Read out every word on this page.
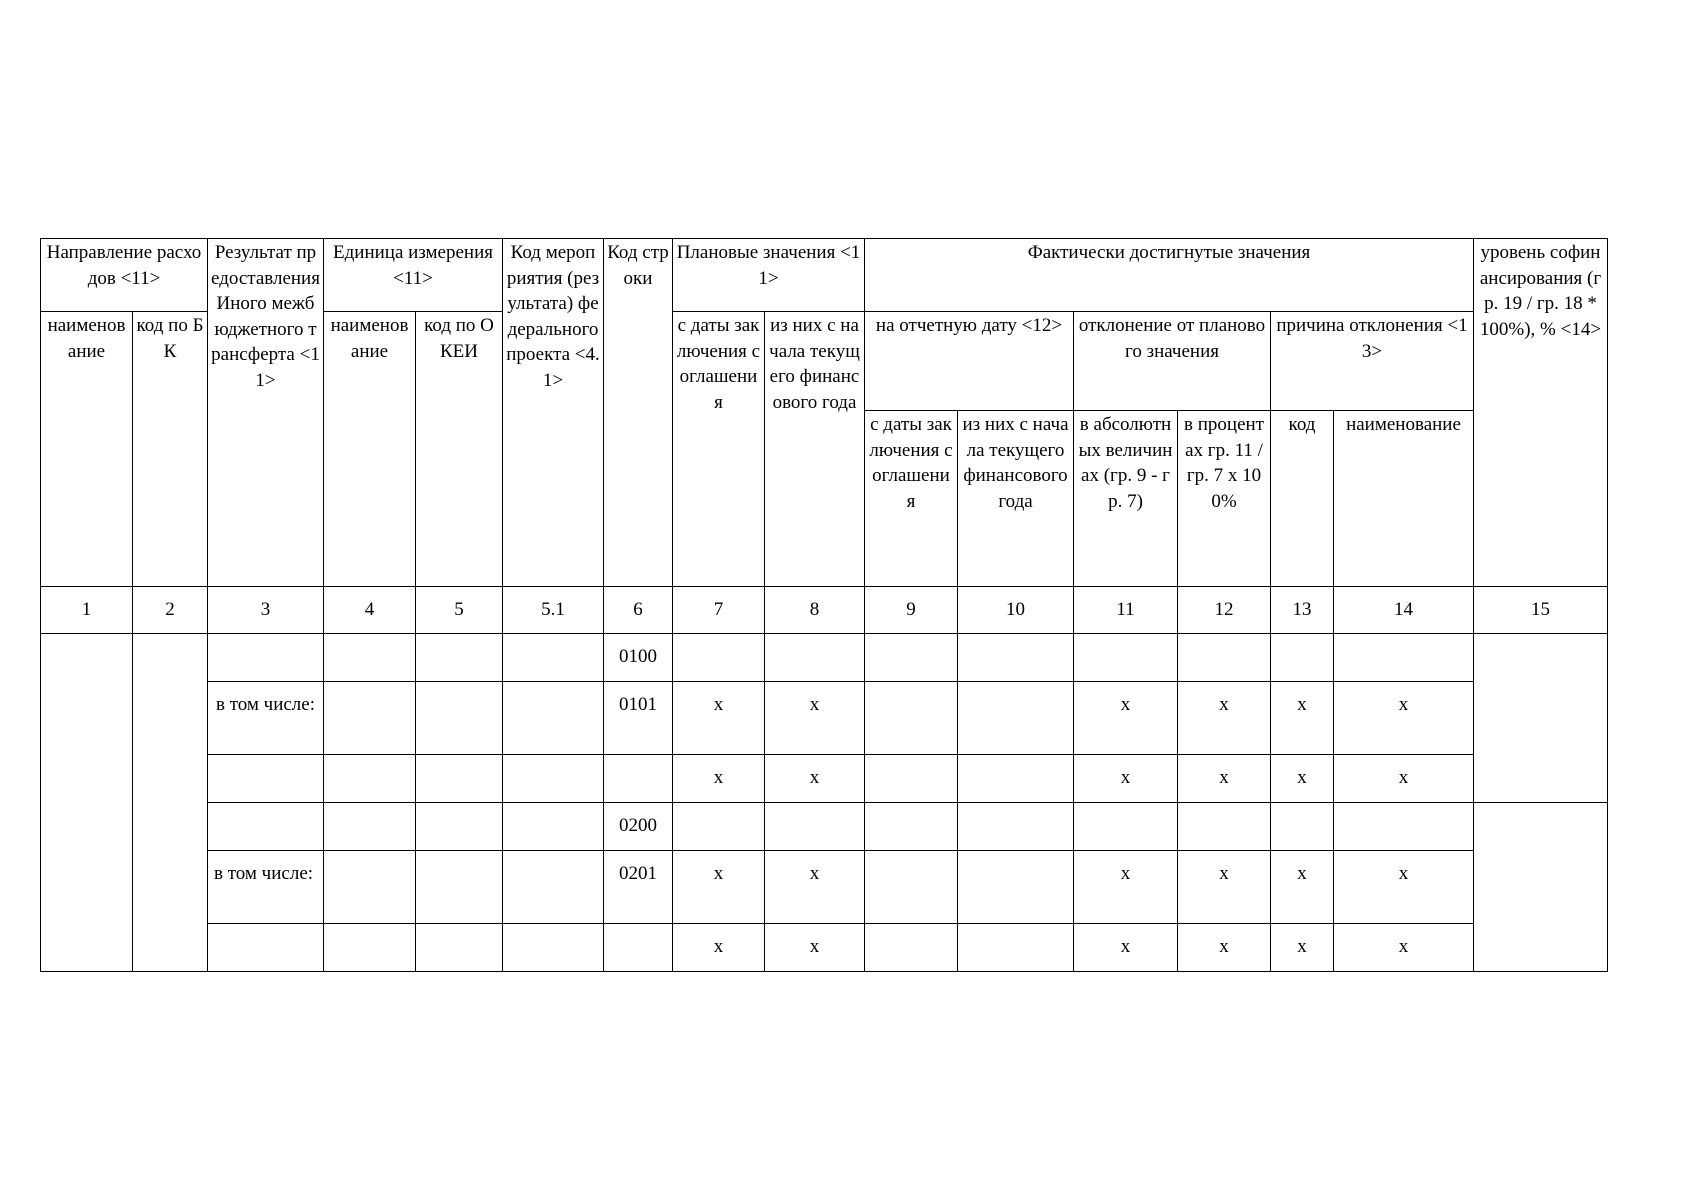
Направление расходов <11>		Результат предоставления Иного межбюджетного трансферта <11>	Единица измерения <11>		Код мероприятия (результата) федерального проекта <4.1>	Код строки	Плановые значения <11>		Фактически достигнутые значения						уровень софинансирования (гр. 19 / гр. 18 * 100%), % <14>
наименование	код по БК		наименование	код по ОКЕИ			с даты заключения соглашения	из них с начала текущего финансового года	на отчетную дату <12>		отклонение от планового значения		причина отклонения <13>		
									с даты заключения соглашения	из них с начала текущего финансового года	в абсолютных величинах (гр. 9 - гр. 7)	в процентах гр. 11 / гр. 7 х 100%	код	наименование	
1	2	3	4	5	5.1	6	7	8	9	10	11	12	13	14	15
						0100									
		в том числе:				0101	x	x			x	x	x	x	
							x	x			x	x	x	x	
						0200									
		в том числе:				0201	x	x			x	x	x	x	
							x	x			x	x	x	x	
